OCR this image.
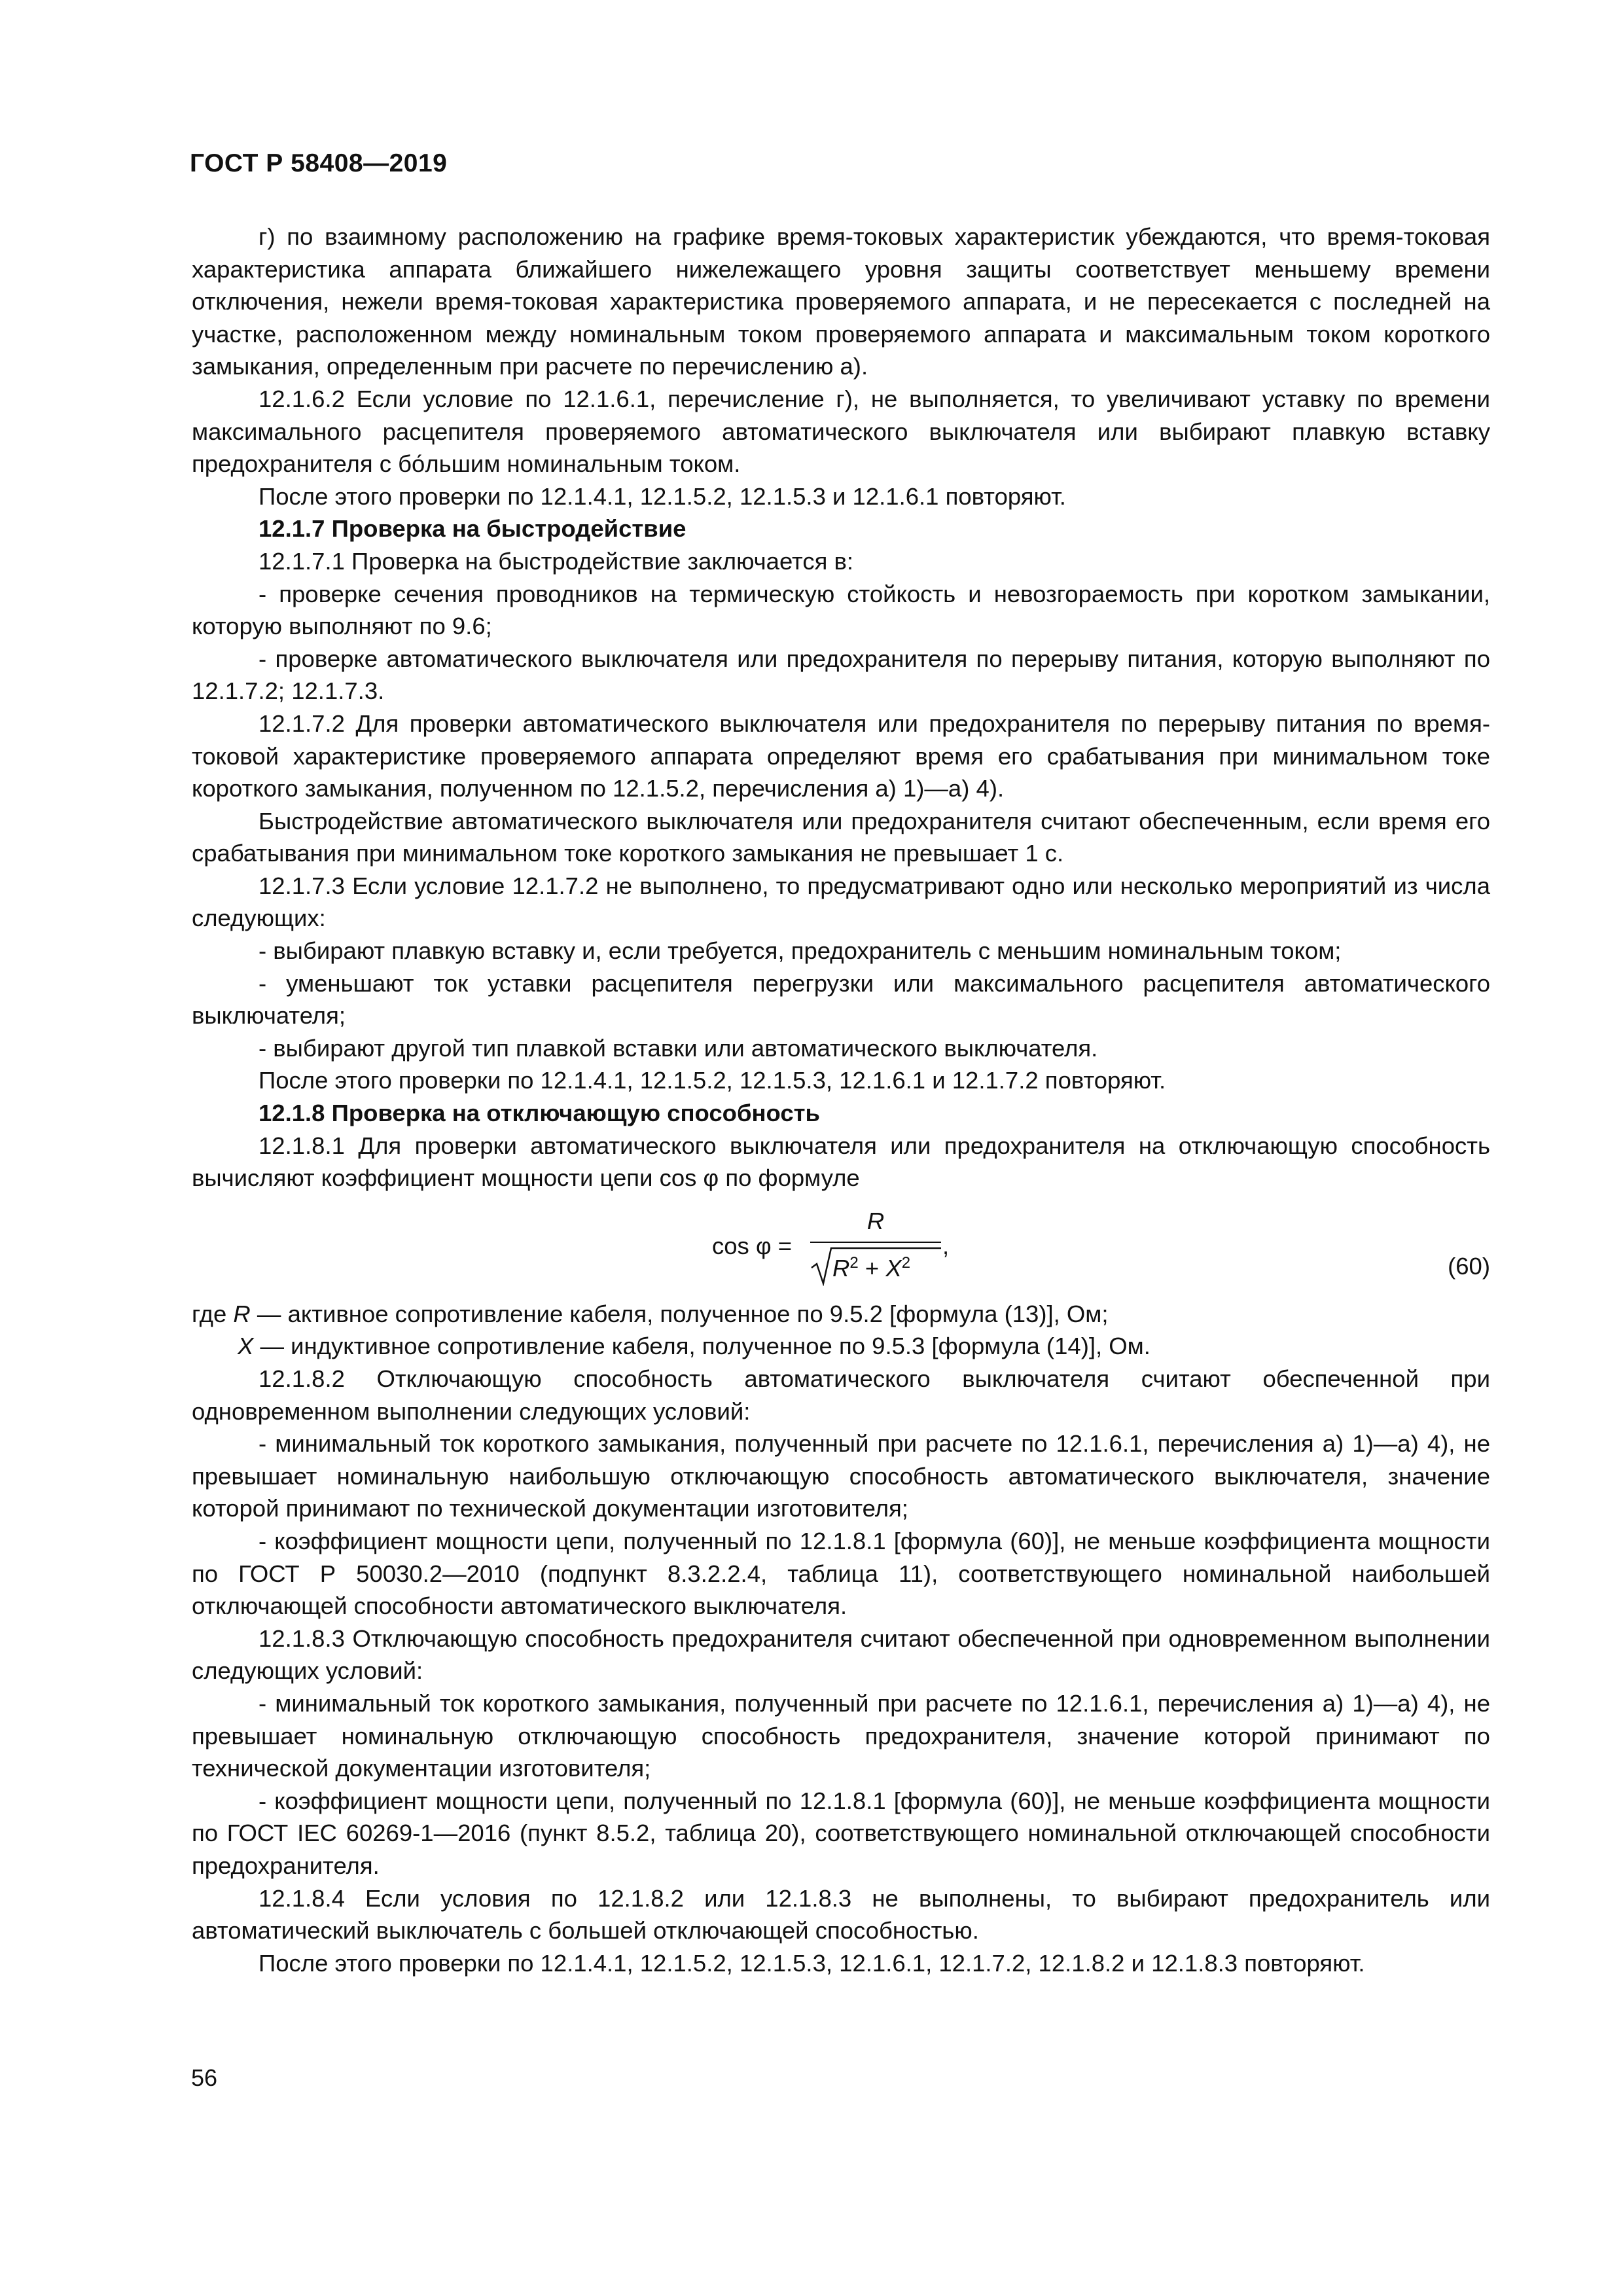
ГОСТ Р 58408—2019

г) по взаимному расположению на графике время-токовых характеристик убеждаются, что время-токовая характеристика аппарата ближайшего нижележащего уровня защиты соответствует меньшему времени отключения, нежели время-токовая характеристика проверяемого аппарата, и не пересекается с последней на участке, расположенном между номинальным током проверяемого аппарата и максимальным током короткого замыкания, определенным при расчете по перечислению а).

12.1.6.2 Если условие по 12.1.6.1, перечисление г), не выполняется, то увеличивают уставку по времени максимального расцепителя проверяемого автоматического выключателя или выбирают плавкую вставку предохранителя с бо́льшим номинальным током.

После этого проверки по 12.1.4.1, 12.1.5.2, 12.1.5.3 и 12.1.6.1 повторяют.

12.1.7 Проверка на быстродействие

12.1.7.1 Проверка на быстродействие заключается в:

- проверке сечения проводников на термическую стойкость и невозгораемость при коротком замыкании, которую выполняют по 9.6;

- проверке автоматического выключателя или предохранителя по перерыву питания, которую выполняют по 12.1.7.2; 12.1.7.3.

12.1.7.2 Для проверки автоматического выключателя или предохранителя по перерыву питания по время-токовой характеристике проверяемого аппарата определяют время его срабатывания при минимальном токе короткого замыкания, полученном по 12.1.5.2, перечисления а) 1)—а) 4).

Быстродействие автоматического выключателя или предохранителя считают обеспеченным, если время его срабатывания при минимальном токе короткого замыкания не превышает 1 с.

12.1.7.3 Если условие 12.1.7.2 не выполнено, то предусматривают одно или несколько мероприятий из числа следующих:

- выбирают плавкую вставку и, если требуется, предохранитель с меньшим номинальным током;

- уменьшают ток уставки расцепителя перегрузки или максимального расцепителя автоматического выключателя;

- выбирают другой тип плавкой вставки или автоматического выключателя.

После этого проверки по 12.1.4.1, 12.1.5.2, 12.1.5.3, 12.1.6.1 и 12.1.7.2 повторяют.

12.1.8 Проверка на отключающую способность

12.1.8.1 Для проверки автоматического выключателя или предохранителя на отключающую способность вычисляют коэффициент мощности цепи cos φ по формуле

cos φ =
R
$R^2 + X^2$
,
(60)

где R — активное сопротивление кабеля, полученное по 9.5.2 [формула (13)], Ом;

X — индуктивное сопротивление кабеля, полученное по 9.5.3 [формула (14)], Ом.

12.1.8.2 Отключающую способность автоматического выключателя считают обеспеченной при одновременном выполнении следующих условий:

- минимальный ток короткого замыкания, полученный при расчете по 12.1.6.1, перечисления а) 1)—а) 4), не превышает номинальную наибольшую отключающую способность автоматического выключателя, значение которой принимают по технической документации изготовителя;

- коэффициент мощности цепи, полученный по 12.1.8.1 [формула (60)], не меньше коэффициента мощности по ГОСТ Р 50030.2—2010 (подпункт 8.3.2.2.4, таблица 11), соответствующего номинальной наибольшей отключающей способности автоматического выключателя.

12.1.8.3 Отключающую способность предохранителя считают обеспеченной при одновременном выполнении следующих условий:

- минимальный ток короткого замыкания, полученный при расчете по 12.1.6.1, перечисления а) 1)—а) 4), не превышает номинальную отключающую способность предохранителя, значение которой принимают по технической документации изготовителя;

- коэффициент мощности цепи, полученный по 12.1.8.1 [формула (60)], не меньше коэффициента мощности по ГОСТ IEC 60269-1—2016 (пункт 8.5.2, таблица 20), соответствующего номинальной отключающей способности предохранителя.

12.1.8.4 Если условия по 12.1.8.2 или 12.1.8.3 не выполнены, то выбирают предохранитель или автоматический выключатель с большей отключающей способностью.

После этого проверки по 12.1.4.1, 12.1.5.2, 12.1.5.3, 12.1.6.1, 12.1.7.2, 12.1.8.2 и 12.1.8.3 повторяют.

56
